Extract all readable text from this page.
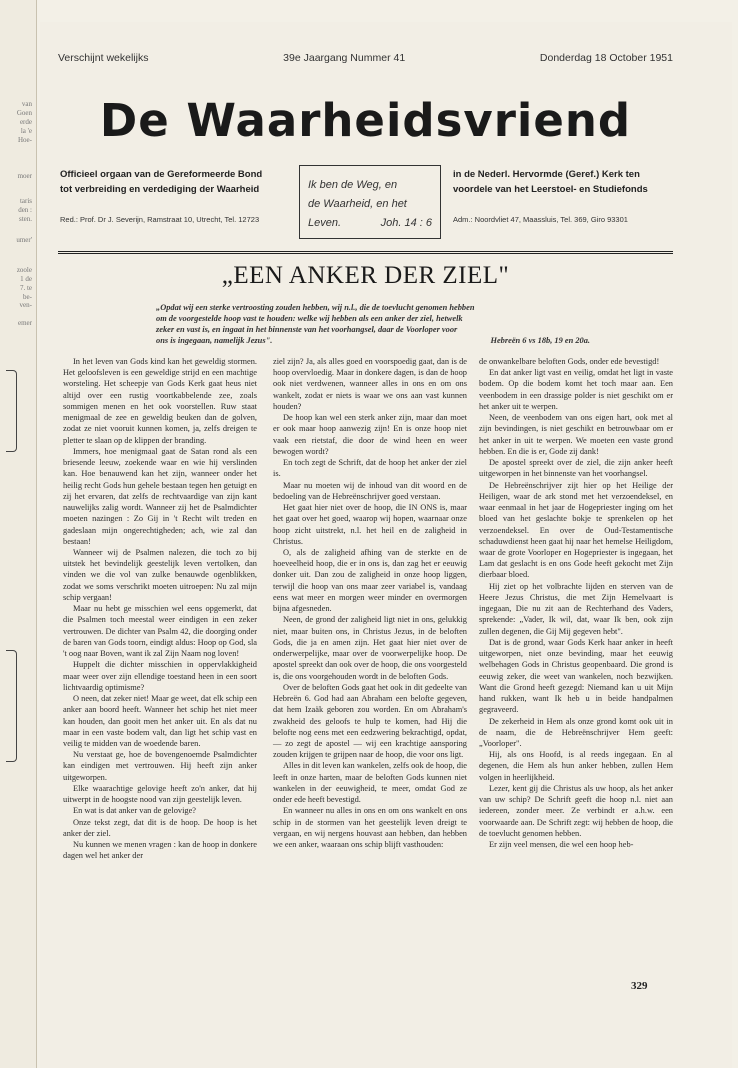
van
Goen
erde
la 'e
Hoe-
moer
taris
den :
sten.
umer'
zoole
1 de
7. te
be-
ven-
emer
Verschijnt wekelijks	39e Jaargang Nummer 41	Donderdag 18 October 1951
De Waarheidsvriend
Officieel orgaan van de Gereformeerde Bond
tot verbreiding en verdediging der Waarheid	Ik ben de Weg, en
de Waarheid, en het
Leven.	Joh. 14 : 6
in de Nederl. Hervormde (Geref.) Kerk ten
voordele van het Leerstoel- en Studiefonds
Red.: Prof. Dr J. Severijn, Ramstraat 10, Utrecht, Tel. 12723	Adm.: Noordvliet 47, Maassluis, Tel. 369, Giro 93301
„EEN ANKER DER ZIEL"
„Opdat wij een sterke vertroosting zouden hebben, wij n.l., die de toevlucht genomen hebben
om de voorgestelde hoop vast te houden: welke wij hebben als een anker der ziel, hetwelk
zeker en vast is, en ingaat in het binnenste van het voorhangsel, daar de Voorloper voor
ons is ingegaan, namelijk Jezus".	Hebreën 6 vs 18b, 19 en 20a.

In het leven van Gods kind kan het geweldig stormen. Het geloofsleven is een geweldige strijd en een machtige worsteling. Het scheepje van Gods Kerk gaat heus niet altijd over een rustig voortkabbelende zee, zoals sommigen menen en het ook voorstellen. Ruw staat menigmaal de zee en geweldig beuken dan de golven, zodat ze niet vooruit kunnen komen, ja, zelfs dreigen te pletter te slaan op de klippen der branding.

Immers, hoe menigmaal gaat de Satan rond als een briesende leeuw, zoekende waar en wie hij verslinden kan. Hoe benauwend kan het zijn, wanneer onder het heilig recht Gods hun gehele bestaan tegen hen getuigt en zij het ervaren, dat zelfs de rechtvaardige van zijn kant nauwelijks zalig wordt. Wanneer zij het de Psalmdichter moeten nazingen : Zo Gij in 't Recht wilt treden en gadeslaan mijn ongerechtigheden; ach, wie zal dan bestaan!

Wanneer wij de Psalmen nalezen, die toch zo bij uitstek het bevindelijk geestelijk leven vertolken, dan vinden we die vol van zulke benauwde ogenblikken, zodat we soms verschrikt moeten uitroepen: Nu zal mijn schip vergaan!

Maar nu hebt ge misschien wel eens opgemerkt, dat die Psalmen toch meestal weer eindigen in een zeker vertrouwen. De dichter van Psalm 42, die doorging onder de baren van Gods toorn, eindigt aldus: Hoop op God, sla 't oog naar Boven, want ik zal Zijn Naam nog loven!

Huppelt die dichter misschien in oppervlakkigheid maar weer over zijn ellendige toestand heen in een soort lichtvaardig optimisme?

O neen, dat zeker niet! Maar ge weet, dat elk schip een anker aan boord heeft. Wanneer het schip het niet meer kan houden, dan gooit men het anker uit. En als dat nu maar in een vaste bodem valt, dan ligt het schip vast en veilig te midden van de woedende baren.

Nu verstaat ge, hoe de bovengenoemde Psalmdichter kan eindigen met vertrouwen. Hij heeft zijn anker uitgeworpen.

Elke waarachtige gelovige heeft zo'n anker, dat hij uitwerpt in de hoogste nood van zijn geestelijk leven.

En wat is dat anker van de gelovige?

Onze tekst zegt, dat dit is de hoop. De hoop is het anker der ziel.

Nu kunnen we menen vragen : kan de hoop in donkere dagen wel het anker der

ziel zijn? Ja, als alles goed en voorspoedig gaat, dan is de hoop overvloedig. Maar in donkere dagen, is dan de hoop ook niet verdwenen, wanneer alles in ons en om ons wankelt, zodat er niets is waar we ons aan vast kunnen houden?

De hoop kan wel een sterk anker zijn, maar dan moet er ook maar hoop aanwezig zijn! En is onze hoop niet vaak een rietstaf, die door de wind heen en weer bewogen wordt?

En toch zegt de Schrift, dat de hoop het anker der ziel is.

Maar nu moeten wij de inhoud van dit woord en de bedoeling van de Hebreënschrijver goed verstaan.

Het gaat hier niet over de hoop, die IN ONS is, maar het gaat over het goed, waarop wij hopen, waarnaar onze hoop zicht uitstrekt, n.l. het heil en de zaligheid in Christus.

O, als de zaligheid afhing van de sterkte en de hoeveelheid hoop, die er in ons is, dan zag het er eeuwig donker uit. Dan zou de zaligheid in onze hoop liggen, terwijl die hoop van ons maar zeer variabel is, vandaag eens wat meer en morgen weer minder en overmorgen bijna afgesneden.

Neen, de grond der zaligheid ligt niet in ons, gelukkig niet, maar buiten ons, in Christus Jezus, in de beloften Gods, die ja en amen zijn. Het gaat hier niet over de onderwerpelijke, maar over de voorwerpelijke hoop. De apostel spreekt dan ook over de hoop, die ons voorgesteld is, die ons voorgehouden wordt in de beloften Gods.

Over de beloften Gods gaat het ook in dit gedeelte van Hebreën 6. God had aan Abraham een belofte gegeven, dat hem Izaäk geboren zou worden. En om Abraham's zwakheid des geloofs te hulp te komen, had Hij die belofte nog eens met een eedzwering bekrachtigd, opdat, — zo zegt de apostel — wij een krachtige aansporing zouden krijgen te grijpen naar de hoop, die voor ons ligt.

Alles in dit leven kan wankelen, zelfs ook de hoop, die leeft in onze harten, maar de beloften Gods kunnen niet wankelen in der eeuwigheid, te meer, omdat God ze onder ede heeft bevestigd.

En wanneer nu alles in ons en om ons wankelt en ons schip in de stormen van het geestelijk leven dreigt te vergaan, en wij nergens houvast aan hebben, dan hebben we een anker, waaraan ons schip blijft vasthouden:

de onwankelbare beloften Gods, onder ede bevestigd!

En dat anker ligt vast en veilig, omdat het ligt in vaste bodem. Op die bodem komt het toch maar aan. Een veenbodem in een drassige polder is niet geschikt om er het anker uit te werpen.

Neen, de veenbodem van ons eigen hart, ook met al zijn bevindingen, is niet geschikt en betrouwbaar om er het anker in uit te werpen. We moeten een vaste grond hebben. En die is er, Gode zij dank!

De apostel spreekt over de ziel, die zijn anker heeft uitgeworpen in het binnenste van het voorhangsel.

De Hebreënschrijver zijt hier op het Heilige der Heiligen, waar de ark stond met het verzoendeksel, en waar eenmaal in het jaar de Hogepriester inging om het bloed van het geslachte bokje te sprenkelen op het verzoendeksel. En over de Oud-Testamentische schaduwdienst heen gaat hij naar het hemelse Heiligdom, waar de grote Voorloper en Hogepriester is ingegaan, het Lam dat geslacht is en ons Gode heeft gekocht met Zijn dierbaar bloed.

Hij ziet op het volbrachte lijden en sterven van de Heere Jezus Christus, die met Zijn Hemelvaart is ingegaan, Die nu zit aan de Rechterhand des Vaders, sprekende: „Vader, Ik wil, dat, waar Ik ben, ook zijn zullen degenen, die Gij Mij gegeven hebt".

Dat is de grond, waar Gods Kerk haar anker in heeft uitgeworpen, niet onze bevinding, maar het eeuwig welbehagen Gods in Christus geopenbaard. Die grond is eeuwig zeker, die weet van wankelen, noch bezwijken. Want die Grond heeft gezegd: Niemand kan u uit Mijn hand rukken, want Ik heb u in beide handpalmen gegraveerd.

De zekerheid in Hem als onze grond komt ook uit in de naam, die de Hebreënschrijver Hem geeft: „Voorloper".

Hij, als ons Hoofd, is al reeds ingegaan. En al degenen, die Hem als hun anker hebben, zullen Hem volgen in heerlijkheid.

Lezer, kent gij die Christus als uw hoop, als het anker van uw schip? De Schrift geeft die hoop n.l. niet aan iedereen, zonder meer. Ze verbindt er a.h.w. een voorwaarde aan. De Schrift zegt: wij hebben de hoop, die de toevlucht genomen hebben.

Er zijn veel mensen, die wel een hoop heb-

329
